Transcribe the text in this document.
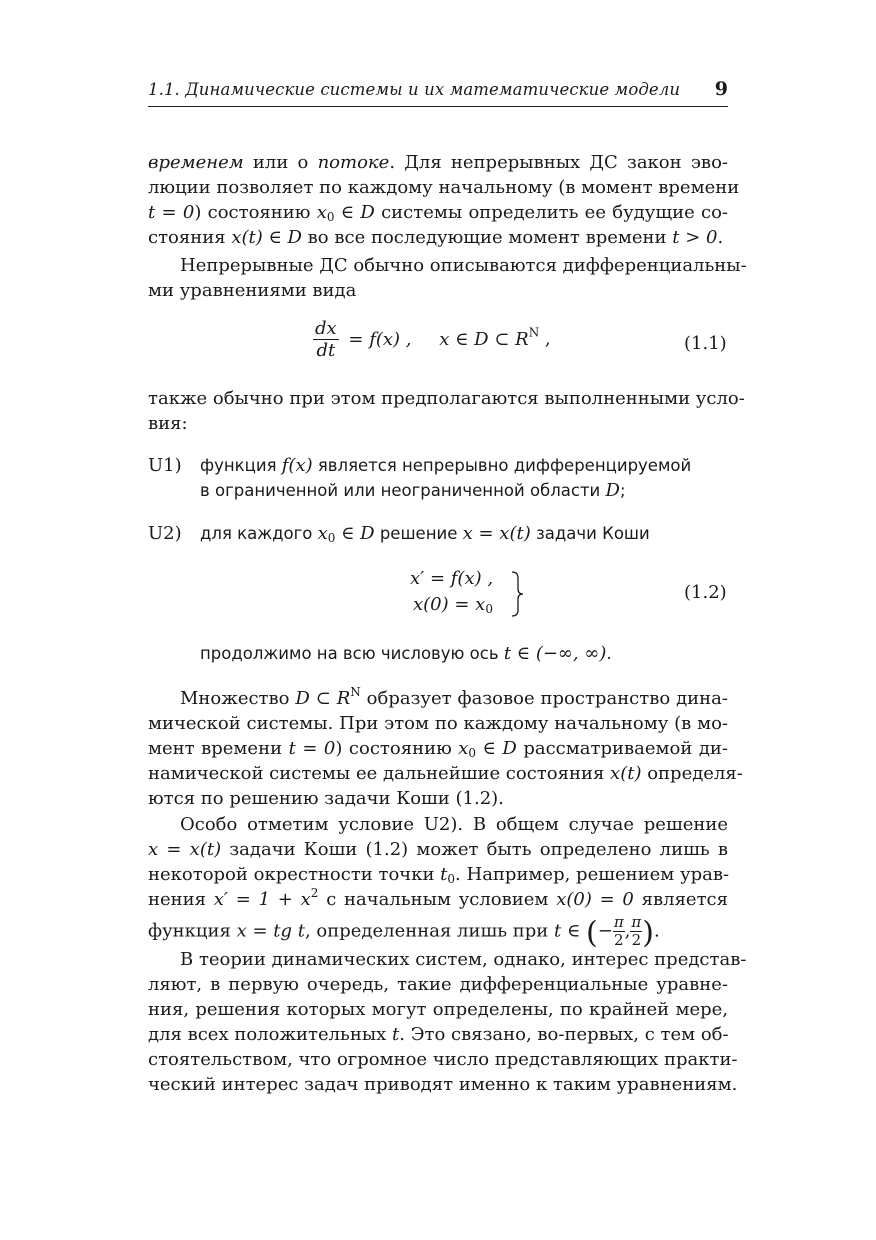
1.1. Динамические системы и их математические модели 9
временем или о потоке. Для непрерывных ДС закон эво-
люции позволяет по каждому начальному (в момент времени
t = 0) состоянию $x_0$ ∈ D системы определить ее будущие со-
стояния x(t) ∈ D во все последующие момент времени t > 0.
Непрерывные ДС обычно описываются дифференциальны-
ми уравнениями вида
$\frac{dx}{dt} = f(x)$ , x ∈ D ⊂ $R^N$ ,	(1.1)
также обычно при этом предполагаются выполненными усло-
вия:
U1)	функция f(x) является непрерывно дифференцируемой
в ограниченной или неограниченной области D;
U2)	для каждого $x_0$ ∈ D решение x = x(t) задачи Коши
x′ = f(x) ,
$x(0) = x_0$
(1.2)
продолжимо на всю числовую ось t ∈ (−∞, ∞).
Множество D ⊂ $R^N$ образует фазовое пространство дина-
мической системы. При этом по каждому начальному (в мо-
мент времени t = 0) состоянию $x_0$ ∈ D рассматриваемой ди-
намической системы ее дальнейшие состояния x(t) определя-
ются по решению задачи Коши (1.2).
Особо отметим условие U2). В общем случае решение
x = x(t) задачи Коши (1.2) может быть определено лишь в
некоторой окрестности точки $t_0$. Например, решением урав-
нения $x' = 1 + x^2$ с начальным условием x(0) = 0 является
функция x = tg t, определенная лишь при t ∈ (− $\frac{\pi}{2}$ , $\frac{\pi}{2}$ ).
В теории динамических систем, однако, интерес представ-
ляют, в первую очередь, такие дифференциальные уравне-
ния, решения которых могут определены, по крайней мере,
для всех положительных t. Это связано, во-первых, с тем об-
стоятельством, что огромное число представляющих практи-
ческий интерес задач приводят именно к таким уравнениям.
